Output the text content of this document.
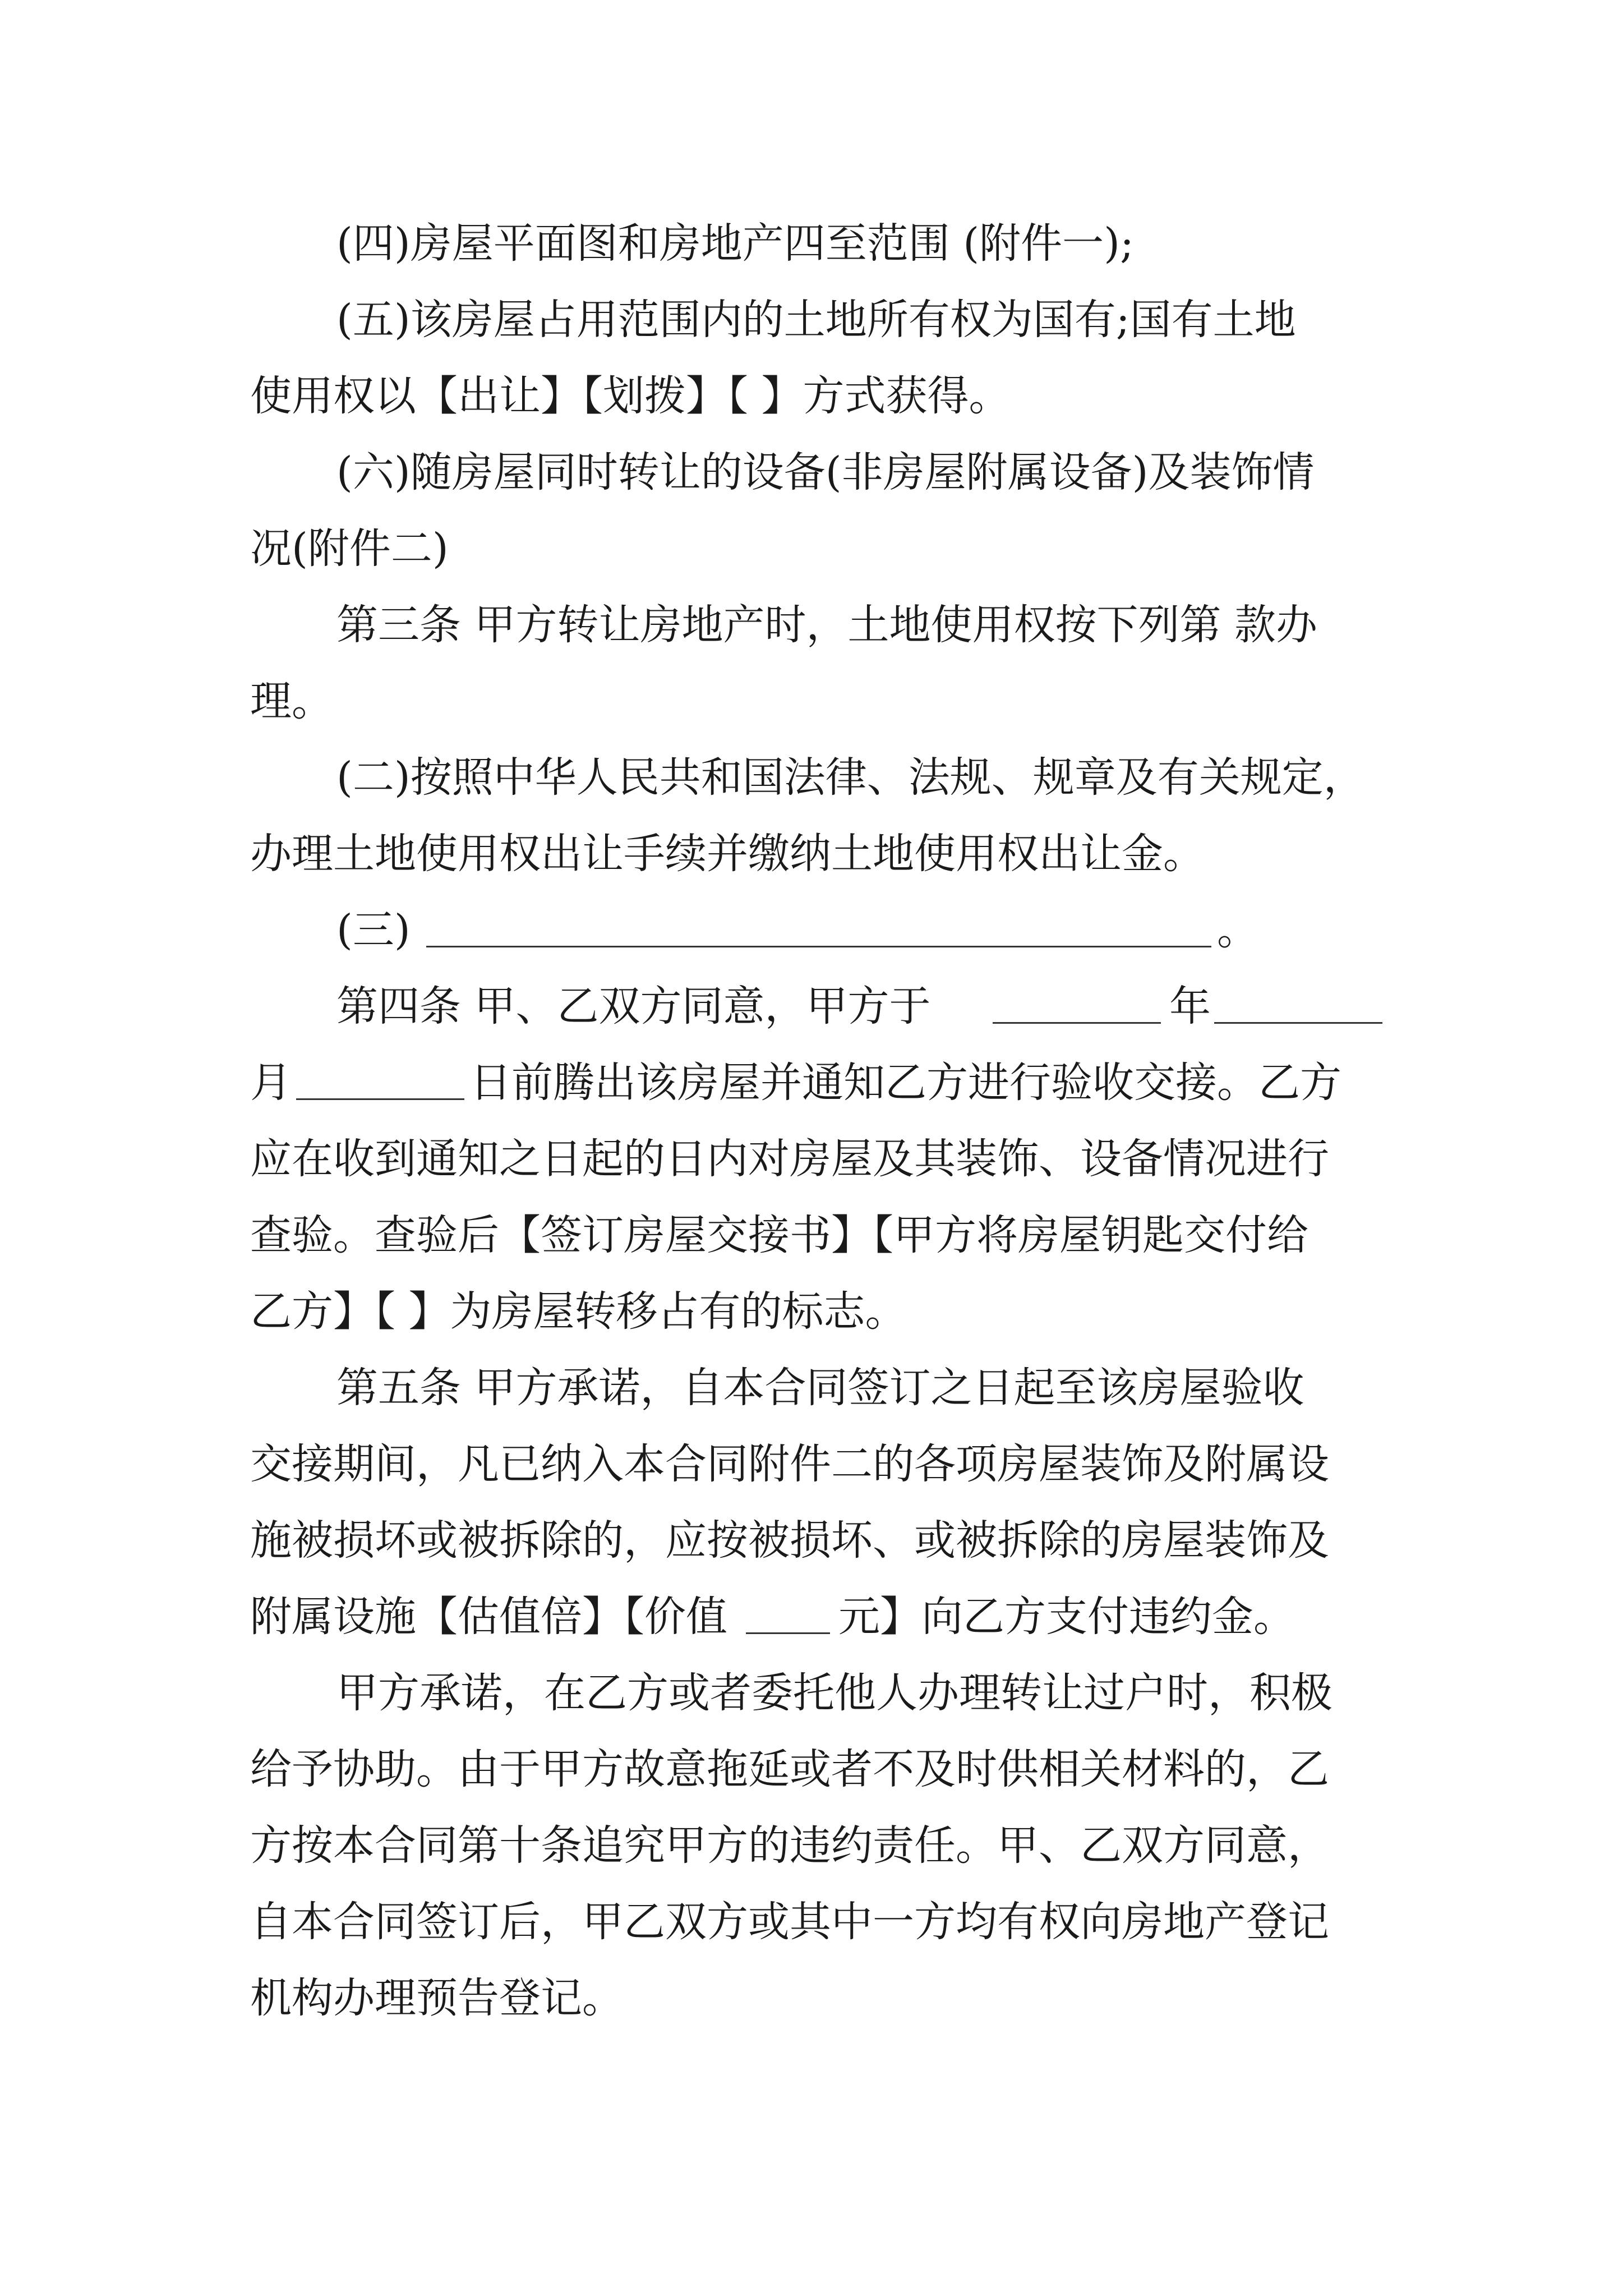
(四)房屋平面图和房地产四至范围 (附件一);
(五)该房屋占用范围内的土地所有权为国有;国有土地
使用权以【出让】【划拨】【 】方式获得。
(六)随房屋同时转让的设备(非房屋附属设备)及装饰情
况(附件二)
第三条 甲方转让房地产时，土地使用权按下列第 款办
理。
(二)按照中华人民共和国法律、法规、规章及有关规定，
办理土地使用权出让手续并缴纳土地使用权出让金。
(三)	。
第四条 甲、乙双方同意，甲方于	年
月	日前腾出该房屋并通知乙方进行验收交接。乙方
应在收到通知之日起的日内对房屋及其装饰、设备情况进行
查验。查验后【签订房屋交接书】【甲方将房屋钥匙交付给
乙方】【 】为房屋转移占有的标志。
第五条 甲方承诺，自本合同签订之日起至该房屋验收
交接期间，凡已纳入本合同附件二的各项房屋装饰及附属设
施被损坏或被拆除的，应按被损坏、或被拆除的房屋装饰及
附属设施【估值倍】【价值	元】向乙方支付违约金。
甲方承诺，在乙方或者委托他人办理转让过户时，积极
给予协助。由于甲方故意拖延或者不及时供相关材料的，乙
方按本合同第十条追究甲方的违约责任。甲、乙双方同意，
自本合同签订后，甲乙双方或其中一方均有权向房地产登记
机构办理预告登记。
